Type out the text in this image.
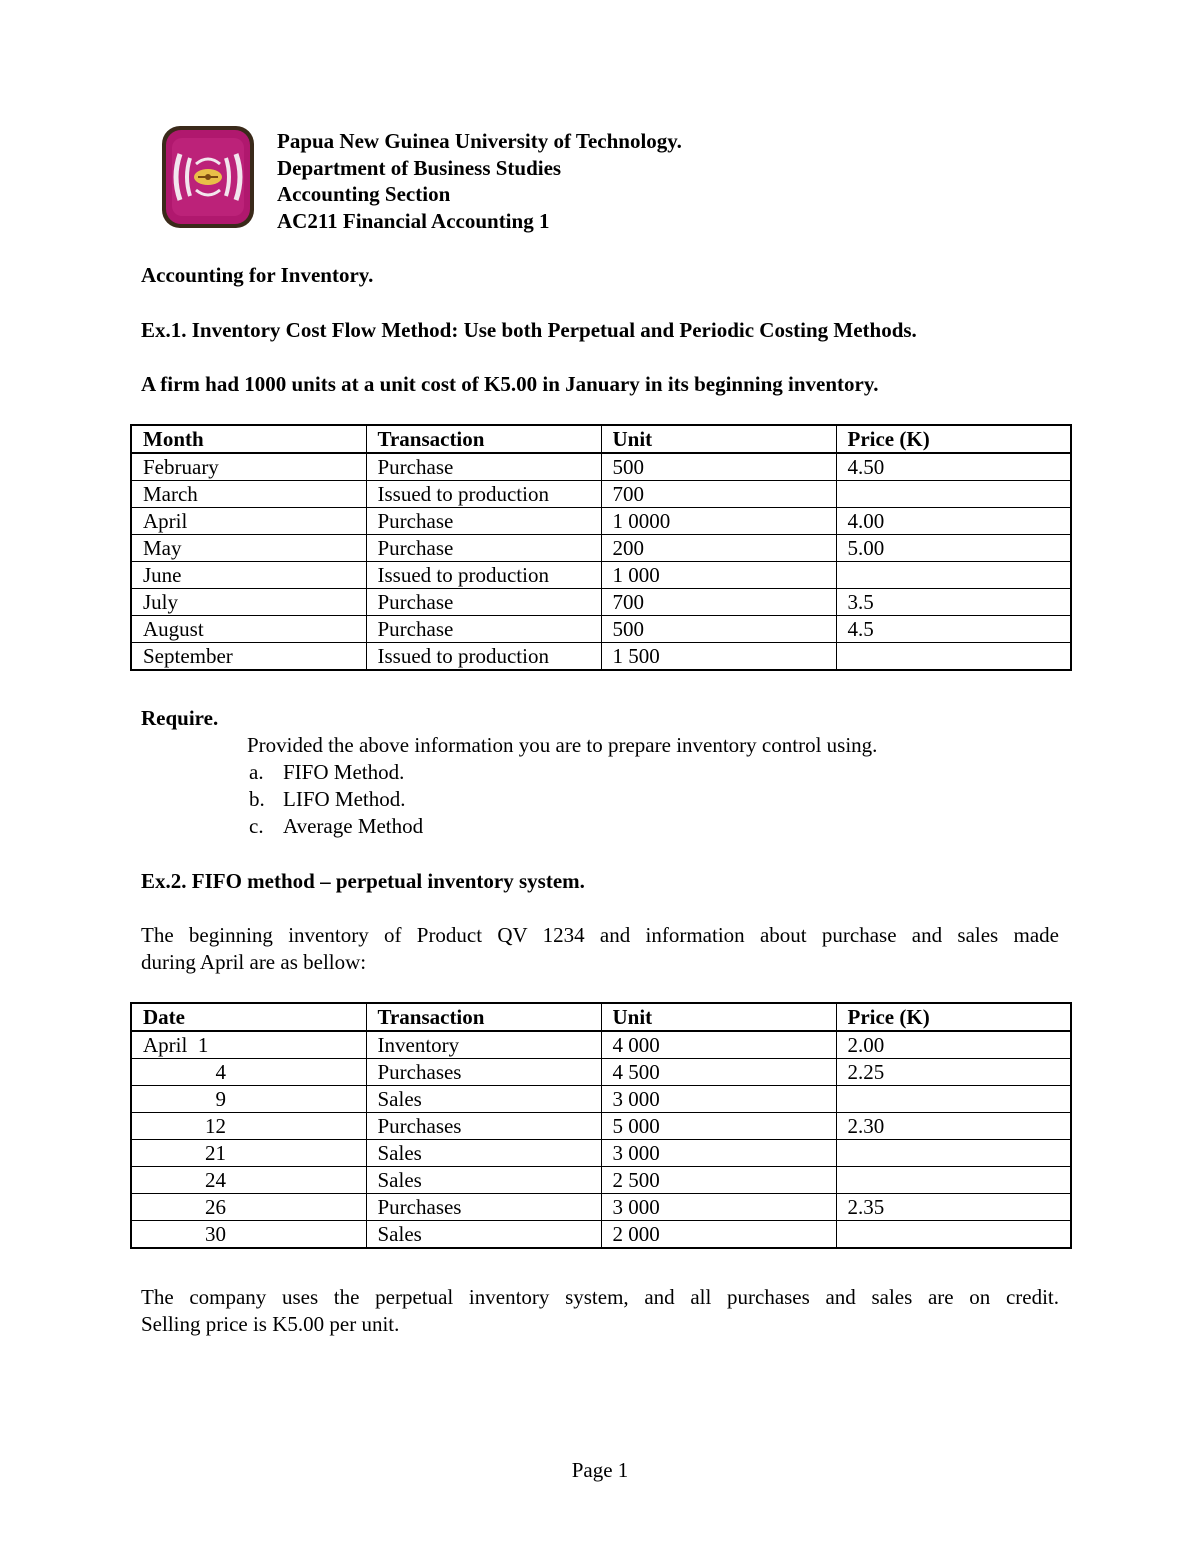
Papua New Guinea University of Technology.
Department of Business Studies
Accounting Section
AC211 Financial Accounting 1
Accounting for Inventory.
Ex.1. Inventory Cost Flow Method: Use both Perpetual and Periodic Costing Methods.
A firm had 1000 units at a unit cost of K5.00 in January in its beginning inventory.
Month	Transaction	Unit	Price (K)
February	Purchase	500	4.50
March	Issued to production	700	
April	Purchase	1 0000	4.00
May	Purchase	200	5.00
June	Issued to production	1 000	
July	Purchase	700	3.5
August	Purchase	500	4.5
September	Issued to production	1 500	
Require.
Provided the above information you are to prepare inventory control using.
a. FIFO Method.
b. LIFO Method.
c. Average Method
Ex.2. FIFO method – perpetual inventory system.
The beginning inventory of Product QV 1234 and information about purchase and sales made
during April are as bellow:
Date	Transaction	Unit	Price (K)
April  1	Inventory	4 000	2.00
4	Purchases	4 500	2.25
9	Sales	3 000	
12	Purchases	5 000	2.30
21	Sales	3 000	
24	Sales	2 500	
26	Purchases	3 000	2.35
30	Sales	2 000	
The company uses the perpetual inventory system, and all purchases and sales are on credit.
Selling price is K5.00 per unit.
Page 1
